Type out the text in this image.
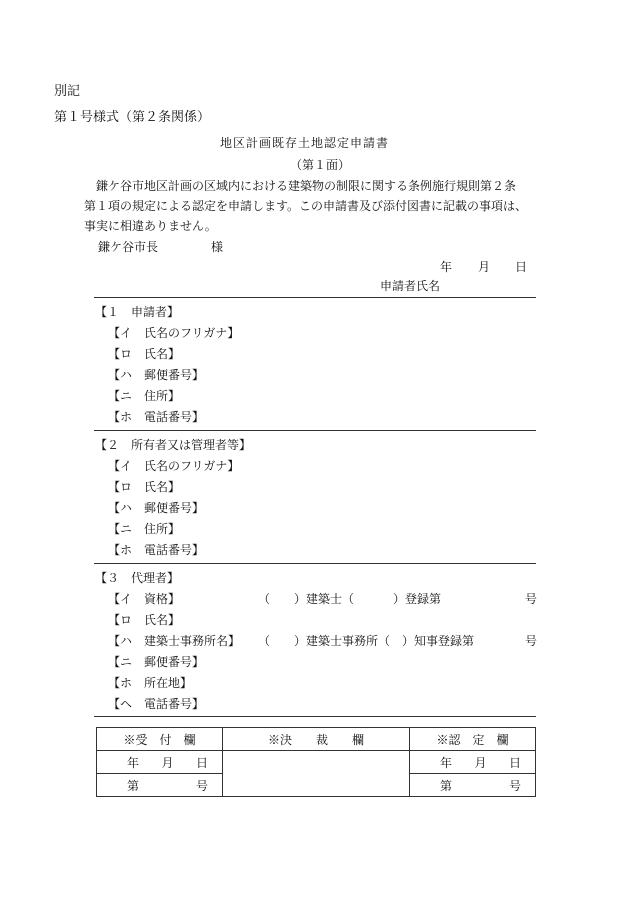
別記
第１号様式（第２条関係）
地区計画既存土地認定申請書
（第１面）
鎌ケ谷市地区計画の区域内における建築物の制限に関する条例施行規則第２条
第１項の規定による認定を申請します。この申請書及び添付図書に記載の事項は、
事実に相違ありません。
鎌ケ谷市長	様
年 月 日
申請者氏名
【１　申請者】
【イ　氏名のフリガナ】
【ロ　氏名】
【ハ　郵便番号】
【ニ　住所】
【ホ　電話番号】
【２　所有者又は管理者等】
【イ　氏名のフリガナ】
【ロ　氏名】
【ハ　郵便番号】
【ニ　住所】
【ホ　電話番号】
【３　代理者】
【イ　資格】	（　　）建築士（	）登録第	号
【ロ　氏名】
【ハ　建築士事務所名】 （　　）建築士事務所（ ）知事登録第	号
【ニ　郵便番号】
【ホ　所在地】
【ヘ　電話番号】
※受　付　欄	※決　　裁　　欄	※認　定　欄

年 月 日		年 月 日

第 号		第 号
